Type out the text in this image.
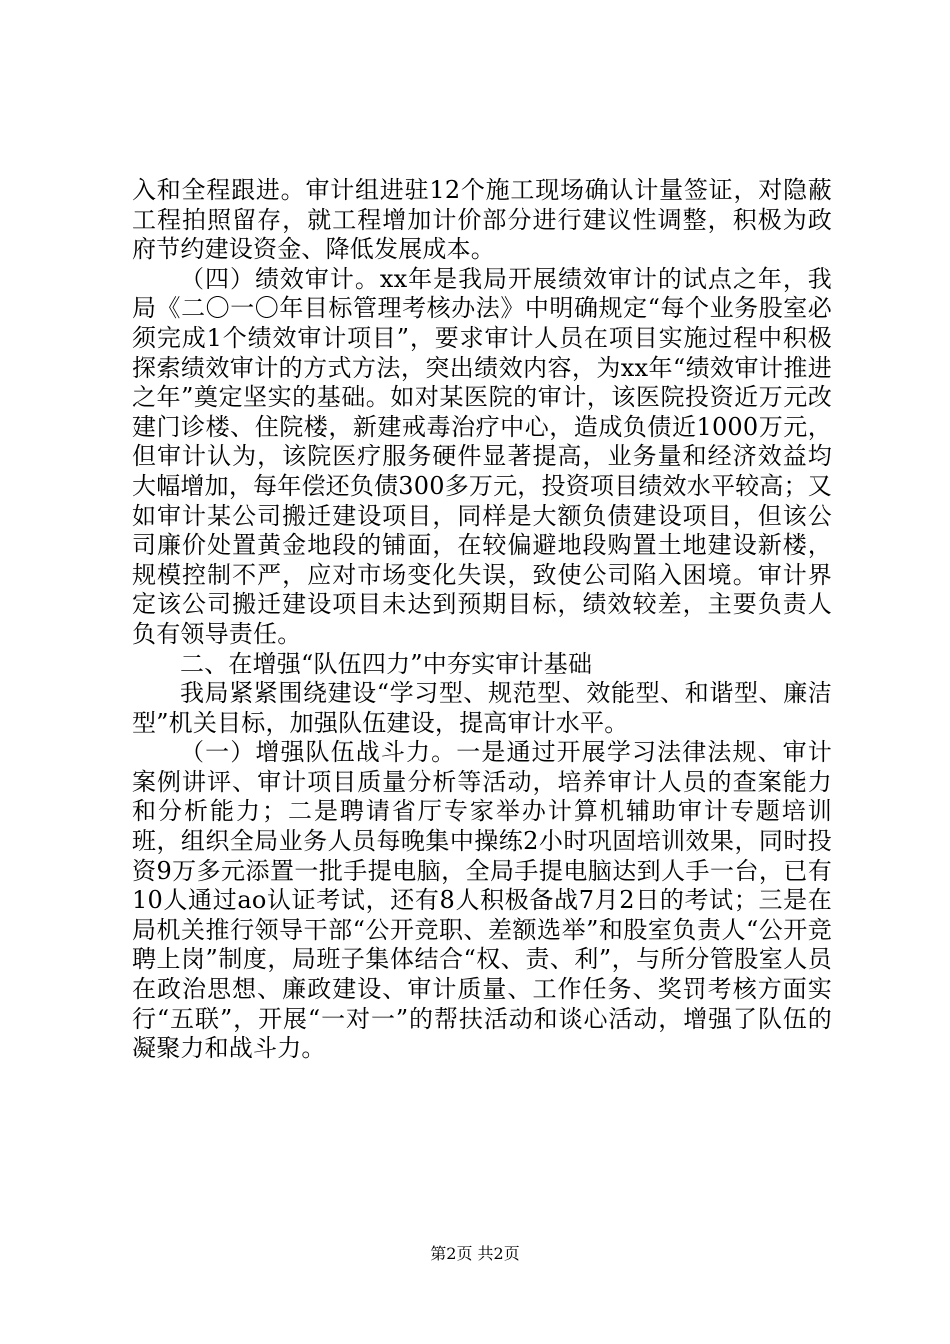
入和全程跟进。审计组进驻12个施工现场确认计量签证，对隐蔽工程拍照留存，就工程增加计价部分进行建议性调整，积极为政府节约建设资金、降低发展成本。

（四）绩效审计。xx年是我局开展绩效审计的试点之年，我局《二〇一〇年目标管理考核办法》中明确规定“每个业务股室必须完成1个绩效审计项目”，要求审计人员在项目实施过程中积极探索绩效审计的方式方法，突出绩效内容，为xx年“绩效审计推进之年”奠定坚实的基础。如对某医院的审计，该医院投资近万元改建门诊楼、住院楼，新建戒毒治疗中心，造成负债近1000万元，但审计认为，该院医疗服务硬件显著提高，业务量和经济效益均大幅增加，每年偿还负债300多万元，投资项目绩效水平较高；又如审计某公司搬迁建设项目，同样是大额负债建设项目，但该公司廉价处置黄金地段的铺面，在较偏避地段购置土地建设新楼，规模控制不严，应对市场变化失误，致使公司陷入困境。审计界定该公司搬迁建设项目未达到预期目标，绩效较差，主要负责人负有领导责任。

二、在增强“队伍四力”中夯实审计基础

我局紧紧围绕建设“学习型、规范型、效能型、和谐型、廉洁型”机关目标，加强队伍建设，提高审计水平。

（一）增强队伍战斗力。一是通过开展学习法律法规、审计案例讲评、审计项目质量分析等活动，培养审计人员的查案能力和分析能力；二是聘请省厅专家举办计算机辅助审计专题培训班，组织全局业务人员每晚集中操练2小时巩固培训效果，同时投资9万多元添置一批手提电脑，全局手提电脑达到人手一台，已有10人通过ao认证考试，还有8人积极备战7月2日的考试；三是在局机关推行领导干部“公开竞职、差额选举”和股室负责人“公开竞聘上岗”制度，局班子集体结合“权、责、利”，与所分管股室人员在政治思想、廉政建设、审计质量、工作任务、奖罚考核方面实行“五联”，开展“一对一”的帮扶活动和谈心活动，增强了队伍的凝聚力和战斗力。

第2页 共2页
